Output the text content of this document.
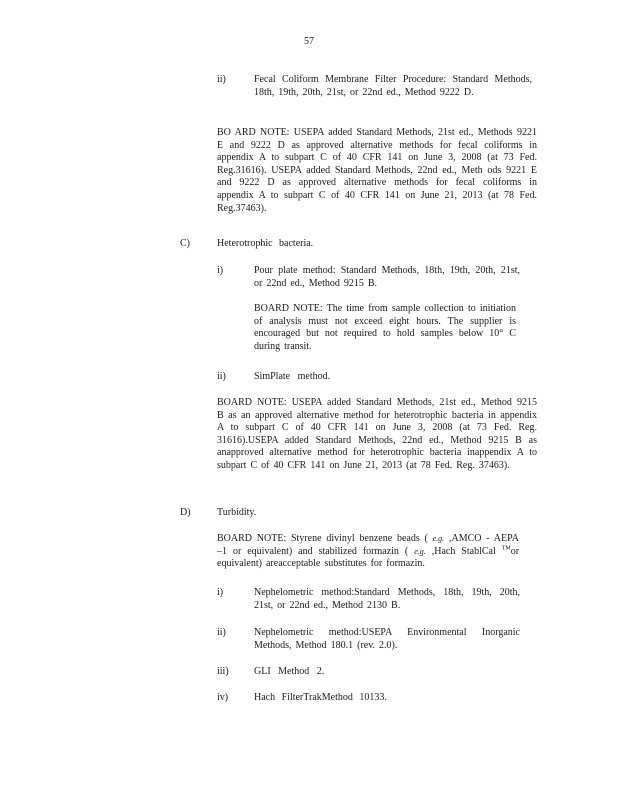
57
ii)	Fecal Coliform Membrane Filter Procedure: Standard Methods, 18th, 19th, 20th, 21st, or 22nd ed., Method 9222 D.
BO ARD NOTE: USEPA added Standard Methods, 21st ed., Methods 9221 E and 9222 D as approved alternative methods for fecal coliforms in appendix A to subpart C of 40 CFR 141 on June 3, 2008 (at 73 Fed. Reg.31616). USEPA added Standard Methods, 22nd ed., Meth ods 9221 E and 9222 D as approved alternative methods for fecal coliforms in appendix A to subpart C of 40 CFR 141 on June 21, 2013 (at 78 Fed. Reg.37463).
C)	Heterotrophic bacteria.
i)	Pour plate method: Standard Methods, 18th, 19th, 20th, 21st, or 22nd ed., Method 9215 B.
BOARD NOTE: The time from sample collection to initiation of analysis must not exceed eight hours. The supplier is encouraged but not required to hold samples below 10° C during transit.
ii)	SimPlate method.
BOARD NOTE: USEPA added Standard Methods, 21st ed., Method 9215 B as an approved alternative method for heterotrophic bacteria in appendix A to subpart C of 40 CFR 141 on June 3, 2008 (at 73 Fed. Reg. 31616).USEPA added Standard Methods, 22nd ed., Method 9215 B as anapproved alternative method for heterotrophic bacteria inappendix A to subpart C of 40 CFR 141 on June 21, 2013 (at 78 Fed. Reg. 37463).
D)	Turbidity.
BOARD NOTE: Styrene divinyl benzene beads ( e.g. ,AMCO - AEPA –1 or equivalent) and stabilized formazin ( e.g. ,Hach StablCal ™or equivalent) areacceptable substitutes for formazin.
i)	Nephelometric method:Standard Methods, 18th, 19th, 20th, 21st, or 22nd ed., Method 2130 B.
ii)	Nephelometric method:USEPA Environmental Inorganic Methods, Method 180.1 (rev. 2.0).
iii)	GLI Method 2.
iv)	Hach FilterTrakMethod 10133.
